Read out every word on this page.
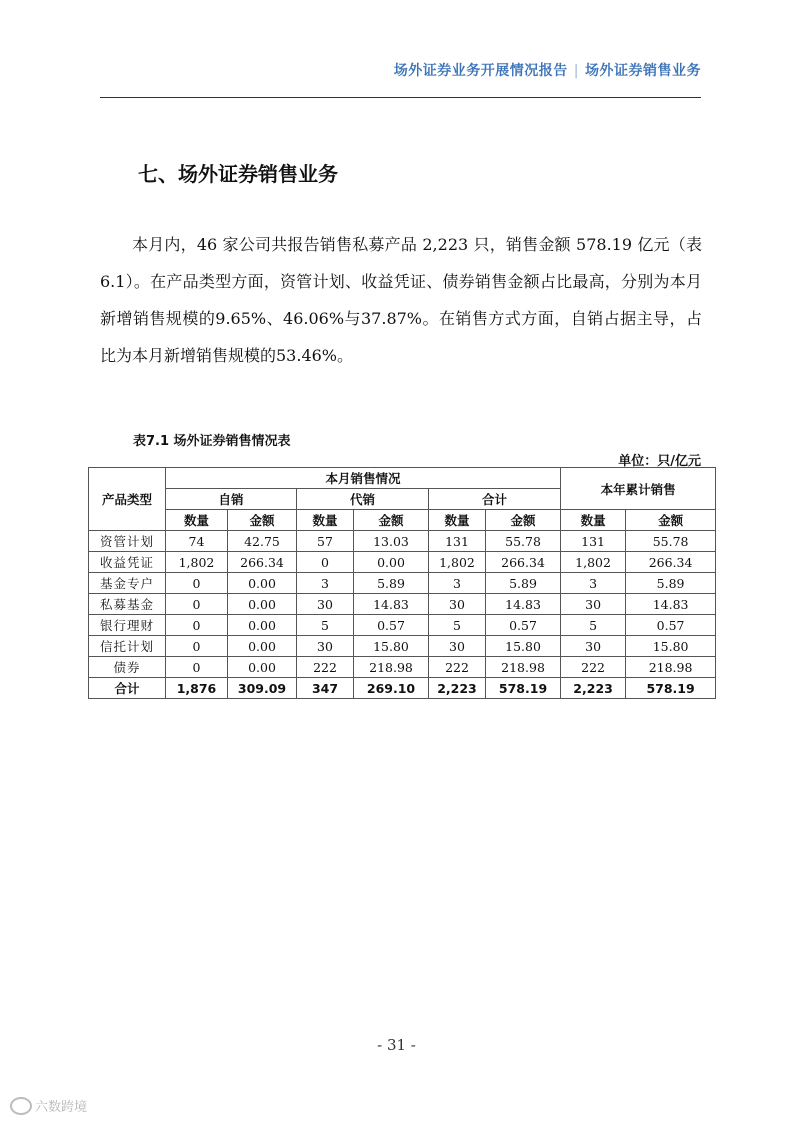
场外证券业务开展情况报告 | 场外证券销售业务
七、场外证券销售业务

本月内，46 家公司共报告销售私募产品 2,223 只，销售金额 578.19 亿元（表6.1）。在产品类型方面，资管计划、收益凭证、债券销售金额占比最高，分别为本月新增销售规模的9.65%、46.06%与37.87%。在销售方式方面，自销占据主导，占比为本月新增销售规模的53.46%。

表7.1 场外证券销售情况表
单位：只/亿元
产品类型	本月销售情况						本年累计销售	
	自销		代销		合计			
	数量	金额	数量	金额	数量	金额	数量	金额
资管计划	74	42.75	57	13.03	131	55.78	131	55.78
收益凭证	1,802	266.34	0	0.00	1,802	266.34	1,802	266.34
基金专户	0	0.00	3	5.89	3	5.89	3	5.89
私募基金	0	0.00	30	14.83	30	14.83	30	14.83
银行理财	0	0.00	5	0.57	5	0.57	5	0.57
信托计划	0	0.00	30	15.80	30	15.80	30	15.80
债券	0	0.00	222	218.98	222	218.98	222	218.98
合计	1,876	309.09	347	269.10	2,223	578.19	2,223	578.19
- 31 -
六数跨境
